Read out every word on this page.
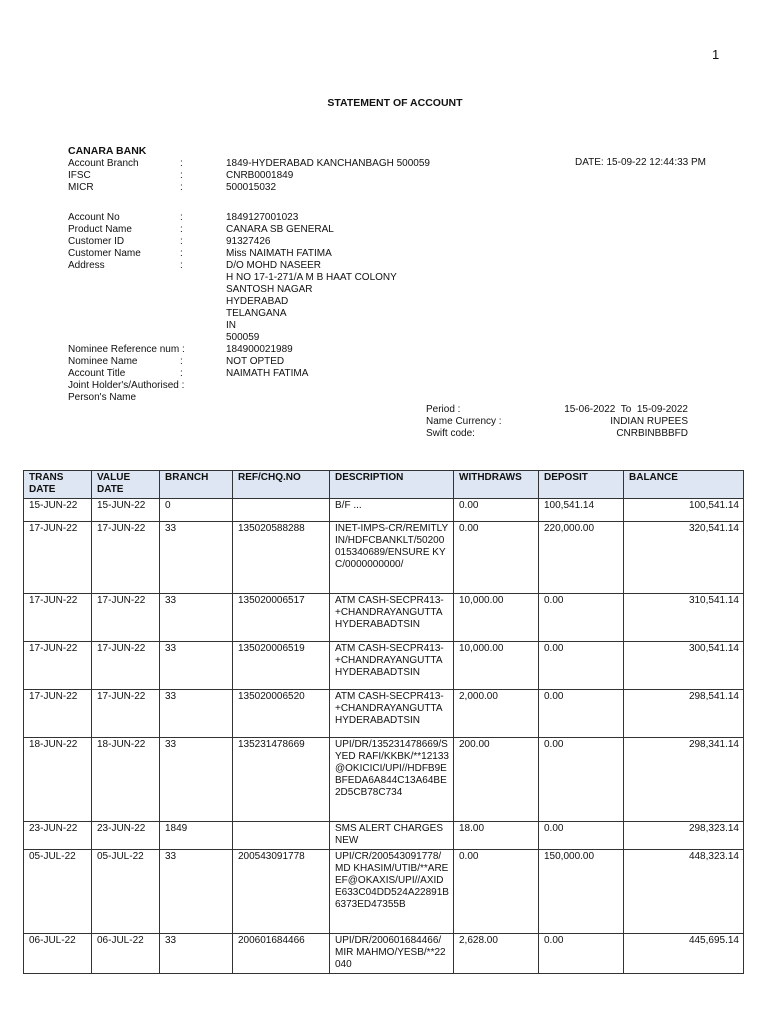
1
STATEMENT OF ACCOUNT
CANARA BANK
Account Branch	:	1849-HYDERABAD KANCHANBAGH 500059
IFSC	:	CNRB0001849
MICR	:	500015032
DATE: 15-09-22 12:44:33 PM
Account No	:	1849127001023
Product Name	:	CANARA SB GENERAL
Customer ID	:	91327426
Customer Name	:	Miss NAIMATH FATIMA
Address	:	D/O MOHD NASEER
H NO 17-1-271/A M B HAAT COLONY
SANTOSH NAGAR
HYDERABAD
TELANGANA
IN
500059
Nominee Reference num :	184900021989
Nominee Name	:	NOT OPTED
Account Title	:	NAIMATH FATIMA
Joint Holder's/Authorised :
Person's Name
Period :	15-06-2022  To  15-09-2022
Name Currency :	INDIAN RUPEES
Swift code:	CNRBINBBBFD
TRANS DATE	VALUE DATE	BRANCH	REF/CHQ.NO	DESCRIPTION	WITHDRAWS	DEPOSIT	BALANCE
15-JUN-22	15-JUN-22	0		B/F ...	0.00	100,541.14	100,541.14
17-JUN-22	17-JUN-22	33	135020588288	INET-IMPS-CR/REMITLY IN/HDFCBANKLT/50200015340689/ENSURE KYC/0000000000/	0.00	220,000.00	320,541.14
17-JUN-22	17-JUN-22	33	135020006517	ATM CASH-SECPR413-+CHANDRAYANGUTTA HYDERABADTSIN	10,000.00	0.00	310,541.14
17-JUN-22	17-JUN-22	33	135020006519	ATM CASH-SECPR413-+CHANDRAYANGUTTA HYDERABADTSIN	10,000.00	0.00	300,541.14
17-JUN-22	17-JUN-22	33	135020006520	ATM CASH-SECPR413-+CHANDRAYANGUTTA HYDERABADTSIN	2,000.00	0.00	298,541.14
18-JUN-22	18-JUN-22	33	135231478669	UPI/DR/135231478669/SYED RAFI/KKBK/**12133@OKICICI/UPI//HDFB9EBFEDA6A844C13A64BE2D5CB78C734	200.00	0.00	298,341.14
23-JUN-22	23-JUN-22	1849		SMS ALERT CHARGES NEW	18.00	0.00	298,323.14
05-JUL-22	05-JUL-22	33	200543091778	UPI/CR/200543091778/MD KHASIM/UTIB/**AREEF@OKAXIS/UPI//AXIDE633C04DD524A22891B6373ED47355B	0.00	150,000.00	448,323.14
06-JUL-22	06-JUL-22	33	200601684466	UPI/DR/200601684466/MIR MAHMO/YESB/**22040	2,628.00	0.00	445,695.14
